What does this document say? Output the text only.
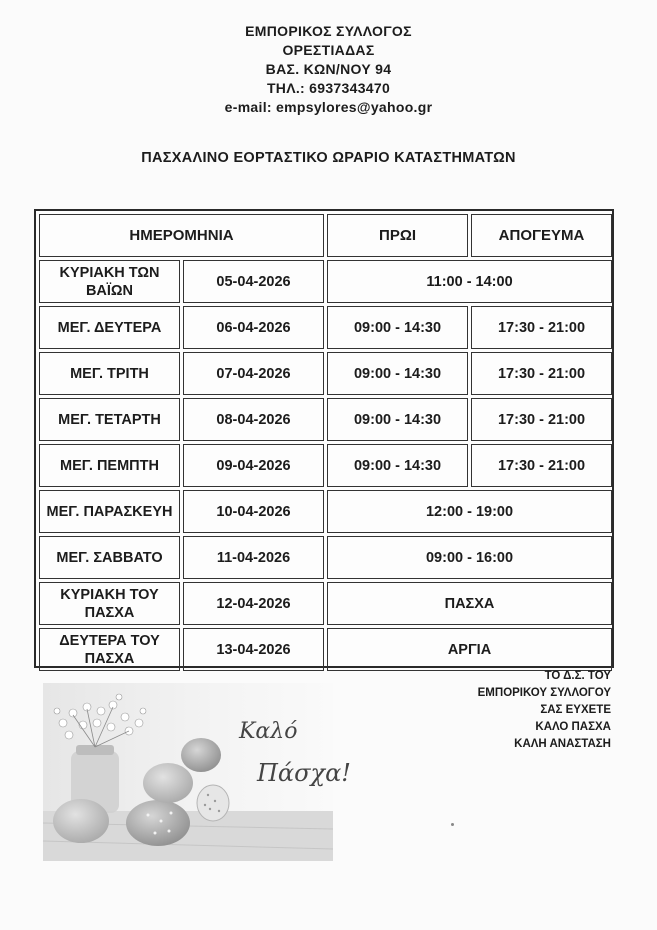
ΕΜΠΟΡΙΚΟΣ ΣΥΛΛΟΓΟΣ
ΟΡΕΣΤΙΑΔΑΣ
ΒΑΣ. ΚΩΝ/ΝΟΥ 94
ΤΗΛ.: 6937343470
e-mail: empsylores@yahoo.gr
ΠΑΣΧΑΛΙΝΟ ΕΟΡΤΑΣΤΙΚΟ ΩΡΑΡΙΟ ΚΑΤΑΣΤΗΜΑΤΩΝ
ΗΜΕΡΟΜΗΝΙΑ		ΠΡΩΙ	ΑΠΟΓΕΥΜΑ
ΚΥΡΙΑΚΗ ΤΩΝ ΒΑΪΩΝ	05-04-2026	11:00 - 14:00	
ΜΕΓ. ΔΕΥΤΕΡΑ	06-04-2026	09:00 - 14:30	17:30 - 21:00
ΜΕΓ. ΤΡΙΤΗ	07-04-2026	09:00 - 14:30	17:30 - 21:00
ΜΕΓ. ΤΕΤΑΡΤΗ	08-04-2026	09:00 - 14:30	17:30 - 21:00
ΜΕΓ. ΠΕΜΠΤΗ	09-04-2026	09:00 - 14:30	17:30 - 21:00
ΜΕΓ. ΠΑΡΑΣΚΕΥΗ	10-04-2026	12:00 - 19:00	
ΜΕΓ. ΣΑΒΒΑΤΟ	11-04-2026	09:00 - 16:00	
ΚΥΡΙΑΚΗ ΤΟΥ ΠΑΣΧΑ	12-04-2026	ΠΑΣΧΑ	
ΔΕΥΤΕΡΑ ΤΟΥ ΠΑΣΧΑ	13-04-2026	ΑΡΓΙΑ	
ΤΟ Δ.Σ. ΤΟΥ
ΕΜΠΟΡΙΚΟΥ ΣΥΛΛΟΓΟΥ
ΣΑΣ ΕΥΧΕΤΕ
ΚΑΛΟ ΠΑΣΧΑ
ΚΑΛΗ ΑΝΑΣΤΑΣΗ
Καλό
Πάσχα!
